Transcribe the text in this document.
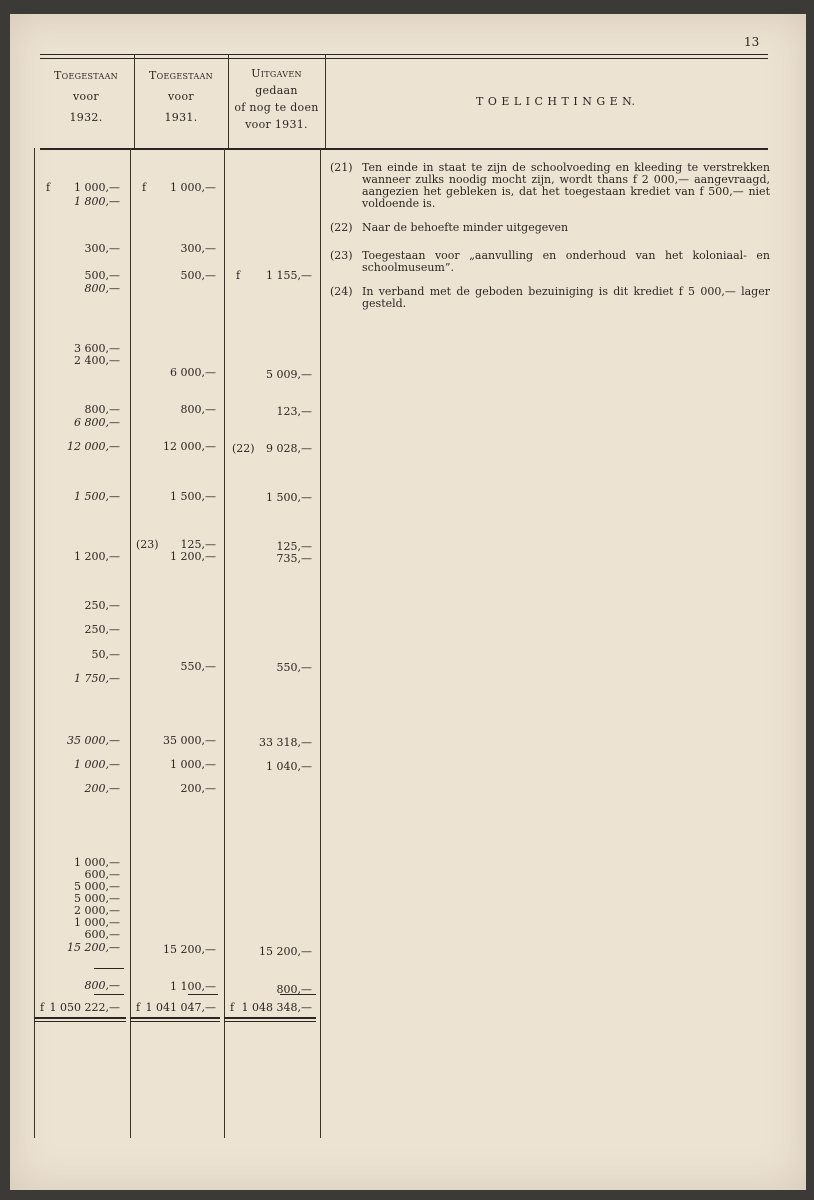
13
Toegestaan
voor
1932.
Toegestaan
voor
1931.
Uitgaven
gedaan
of nog te doen
voor 1931.
T O E L I C H T I N G E N.
f 1 000,—
1 800,—
300,—
500,—
800,—
3 600,—
2 400,—
800,—
6 800,—
12 000,—
1 500,—
1 200,—
250,—
250,—
50,—
1 750,—
35 000,—
1 000,—
200,—
1 000,—
600,—
5 000,—
5 000,—
2 000,—
1 000,—
600,—
15 200,—
800,—
f 1 050 222,—
f 1 000,—
300,—
500,—
6 000,—
800,—
12 000,—
1 500,—
(23) 125,—
1 200,—
550,—
35 000,—
1 000,—
200,—
15 200,—
1 100,—
f 1 041 047,—
f 1 155,—
5 009,—
123,—
(22) 9 028,—
1 500,—
125,—
735,—
550,—
33 318,—
1 040,—
15 200,—
800,—
f 1 048 348,—
(21) Ten einde in staat te zijn de schoolvoeding en kleeding te verstrekken wanneer zulks noodig mocht zijn, wordt thans f 2 000,— aangevraagd, aangezien het gebleken is, dat het toegestaan krediet van f 500,— niet voldoende is.
(22) Naar de behoefte minder uitgegeven
(23) Toegestaan voor „aanvulling en onderhoud van het koloniaal- en schoolmuseum”.
(24) In verband met de geboden bezuiniging is dit krediet f 5 000,— lager gesteld.
